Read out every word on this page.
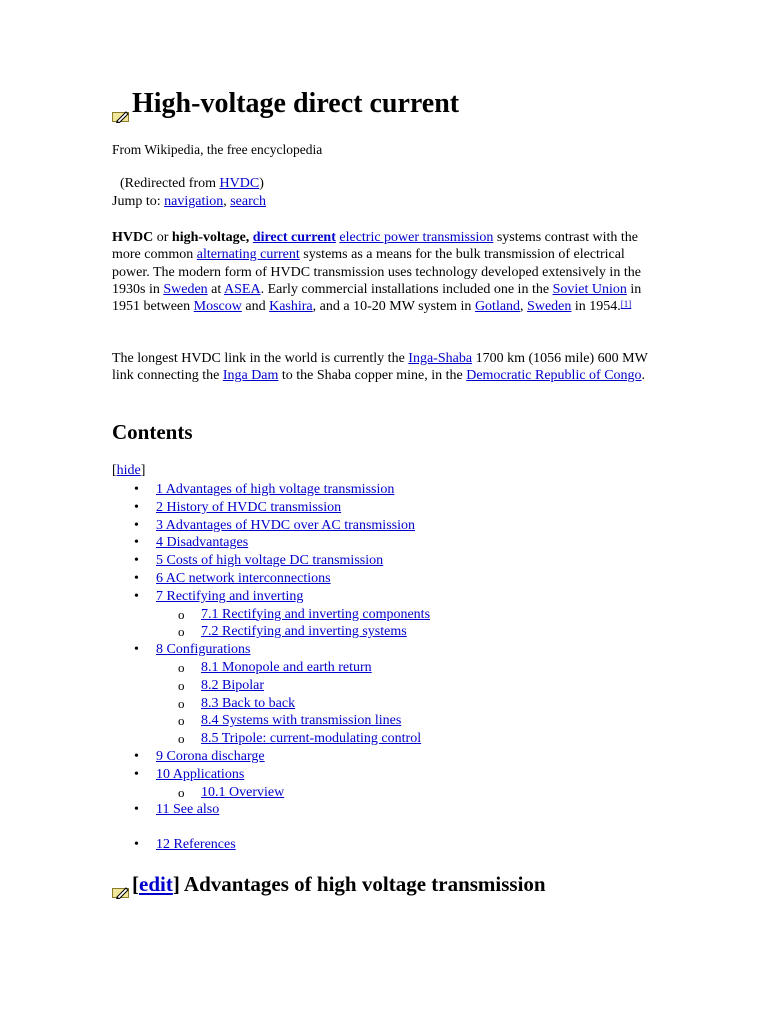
High-voltage direct current
From Wikipedia, the free encyclopedia
(Redirected from HVDC)
Jump to: navigation, search

HVDC or high-voltage, direct current electric power transmission systems contrast with the more common alternating current systems as a means for the bulk transmission of electrical power. The modern form of HVDC transmission uses technology developed extensively in the 1930s in Sweden at ASEA. Early commercial installations included one in the Soviet Union in 1951 between Moscow and Kashira, and a 10-20 MW system in Gotland, Sweden in 1954.[1]

The longest HVDC link in the world is currently the Inga-Shaba 1700 km (1056 mile) 600 MW link connecting the Inga Dam to the Shaba copper mine, in the Democratic Republic of Congo.

Contents
[hide]
• 1 Advantages of high voltage transmission
• 2 History of HVDC transmission
• 3 Advantages of HVDC over AC transmission
• 4 Disadvantages
• 5 Costs of high voltage DC transmission
• 6 AC network interconnections
• 7 Rectifying and inverting
o 7.1 Rectifying and inverting components
o 7.2 Rectifying and inverting systems
• 8 Configurations
o 8.1 Monopole and earth return
o 8.2 Bipolar
o 8.3 Back to back
o 8.4 Systems with transmission lines
o 8.5 Tripole: current-modulating control
• 9 Corona discharge
• 10 Applications
o 10.1 Overview
• 11 See also
• 12 References
[edit] Advantages of high voltage transmission
